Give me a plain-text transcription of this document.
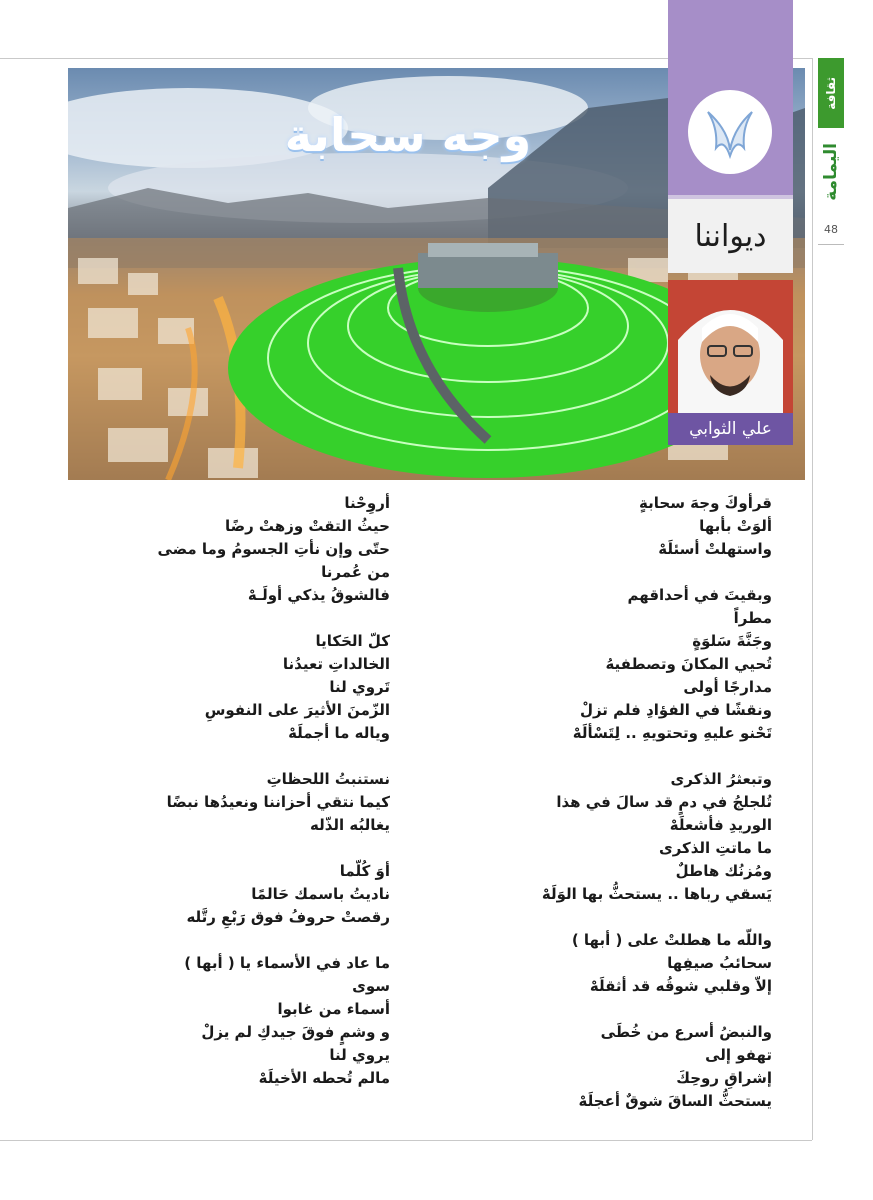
ثقافة
اليمامة
48
وجه سحابة
ديواننا
علي الثوابي
قرأوكَ وجهَ سحابةٍ
ألوَتْ بأبها
واستهلتْ أسئلَهْ
وبقيتَ في أحداقهم
مطراً
وجَنَّةَ سَلوَةٍ
تُحيي المكانَ وتصطفيهُ
مدارجًا أولى
ونقشًا في الفؤادِ فلم تزلْ
تَحْنو عليهِ وتحتويهِ .. لِتَسْألَهْ
وتبعثرُ الذكرى
تُلجلجُ في دمٍ قد سالَ في هذا
الوريدِ فأشعلَهْ
ما ماتتِ الذكرى
ومُزنُك هاطلٌ
يَسقي رباها .. يستحثُّ بها الوَلَهْ
واللّه ما هطلتْ على ( أبها )
سحائبُ صيفِها
إلاّ وقلبي شوقُه قد أثقلَهْ
والنبضُ أسرع من خُطَى
تهفو إلى
إشراقِ روحِكَ
يستحثُّ الساقَ شوقٌ أعجلَهْ
أروِحْنا
حيثُ التقتْ وزهتْ رضًا
حتّى وإن نأتِ الجسومُ وما مضى
من عُمرنا
فالشوقُ يذكي أولَـهْ
كلّ الحَكايا
الخالداتِ تعيدُنا
تَروي لنا
الزّمنَ الأثيرَ على النفوسِ
وياله ما أجملَهْ
نستنبتُ اللحظاتِ
كيما نتقي أحزاننا ونعيدُها نبضًا
يغالبُه الذّله
أوَ كُلّما
ناديتُ باسمك حَالمًا
رقصتْ حروفُ فوق رَبْعِ رتَّله
ما عاد في الأسماء يا ( أبها )
سوى
أسماء من غابوا
و وشمٍ فوقَ جيدكِ لم يزلْ
يروي لنا
مالم تُحطه الأخيلَهْ
